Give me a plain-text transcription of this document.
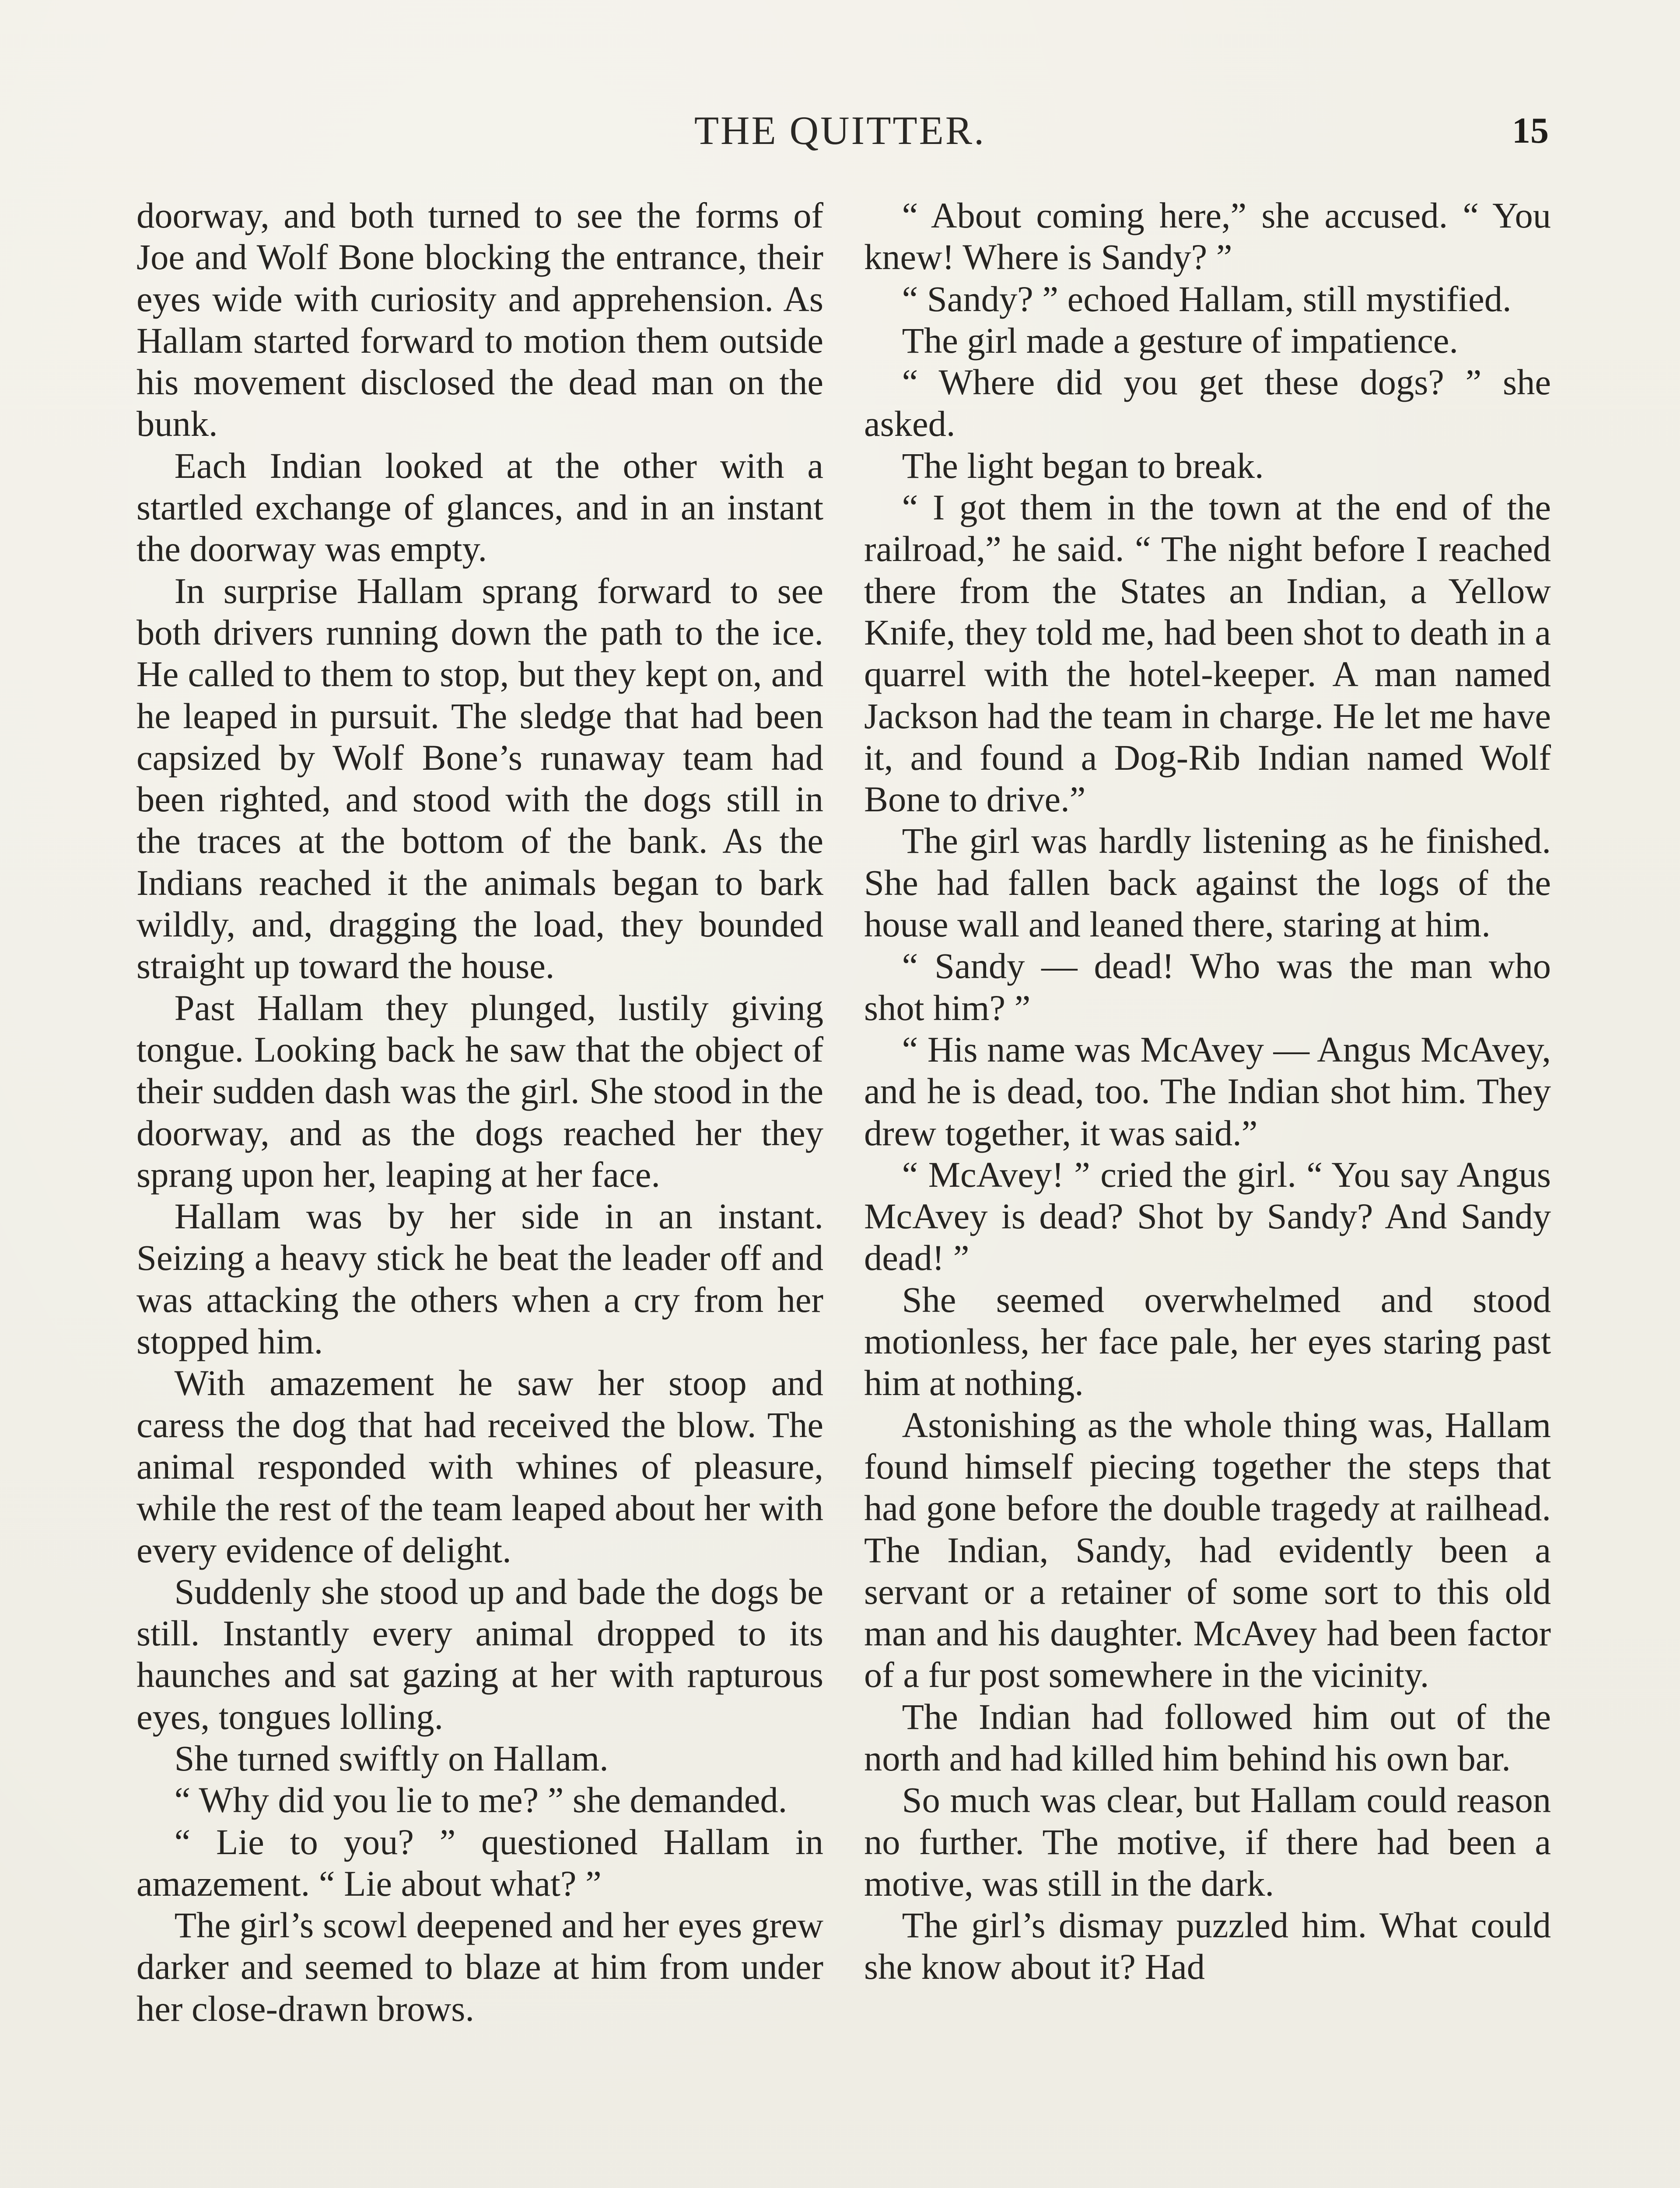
THE QUITTER.	15

doorway, and both turned to see the forms of Joe and Wolf Bone blocking the entrance, their eyes wide with curiosity and apprehension. As Hallam started forward to motion them outside his movement disclosed the dead man on the bunk.

Each Indian looked at the other with a startled exchange of glances, and in an instant the doorway was empty.

In surprise Hallam sprang forward to see both drivers running down the path to the ice. He called to them to stop, but they kept on, and he leaped in pursuit. The sledge that had been capsized by Wolf Bone’s runaway team had been righted, and stood with the dogs still in the traces at the bottom of the bank. As the Indians reached it the animals began to bark wildly, and, dragging the load, they bounded straight up toward the house.

Past Hallam they plunged, lustily giving tongue. Looking back he saw that the object of their sudden dash was the girl. She stood in the doorway, and as the dogs reached her they sprang upon her, leaping at her face.

Hallam was by her side in an instant. Seizing a heavy stick he beat the leader off and was attacking the others when a cry from her stopped him.

With amazement he saw her stoop and caress the dog that had received the blow. The animal responded with whines of pleasure, while the rest of the team leaped about her with every evidence of delight.

Suddenly she stood up and bade the dogs be still. Instantly every animal dropped to its haunches and sat gazing at her with rapturous eyes, tongues lolling.

She turned swiftly on Hallam.

“ Why did you lie to me? ” she demanded.

“ Lie to you? ” questioned Hallam in amazement. “ Lie about what? ”

The girl’s scowl deepened and her eyes grew darker and seemed to blaze at him from under her close-drawn brows.

“ About coming here,” she accused. “ You knew! Where is Sandy? ”

“ Sandy? ” echoed Hallam, still mystified.

The girl made a gesture of impatience.

“ Where did you get these dogs? ” she asked.

The light began to break.

“ I got them in the town at the end of the railroad,” he said. “ The night before I reached there from the States an Indian, a Yellow Knife, they told me, had been shot to death in a quarrel with the hotel-keeper. A man named Jackson had the team in charge. He let me have it, and found a Dog-Rib Indian named Wolf Bone to drive.”

The girl was hardly listening as he finished. She had fallen back against the logs of the house wall and leaned there, staring at him.

“ Sandy — dead! Who was the man who shot him? ”

“ His name was McAvey — Angus McAvey, and he is dead, too. The Indian shot him. They drew together, it was said.”

“ McAvey! ” cried the girl. “ You say Angus McAvey is dead? Shot by Sandy? And Sandy dead! ”

She seemed overwhelmed and stood motionless, her face pale, her eyes staring past him at nothing.

Astonishing as the whole thing was, Hallam found himself piecing together the steps that had gone before the double tragedy at railhead. The Indian, Sandy, had evidently been a servant or a retainer of some sort to this old man and his daughter. McAvey had been factor of a fur post somewhere in the vicinity.

The Indian had followed him out of the north and had killed him behind his own bar.

So much was clear, but Hallam could reason no further. The motive, if there had been a motive, was still in the dark.

The girl’s dismay puzzled him. What could she know about it? Had
